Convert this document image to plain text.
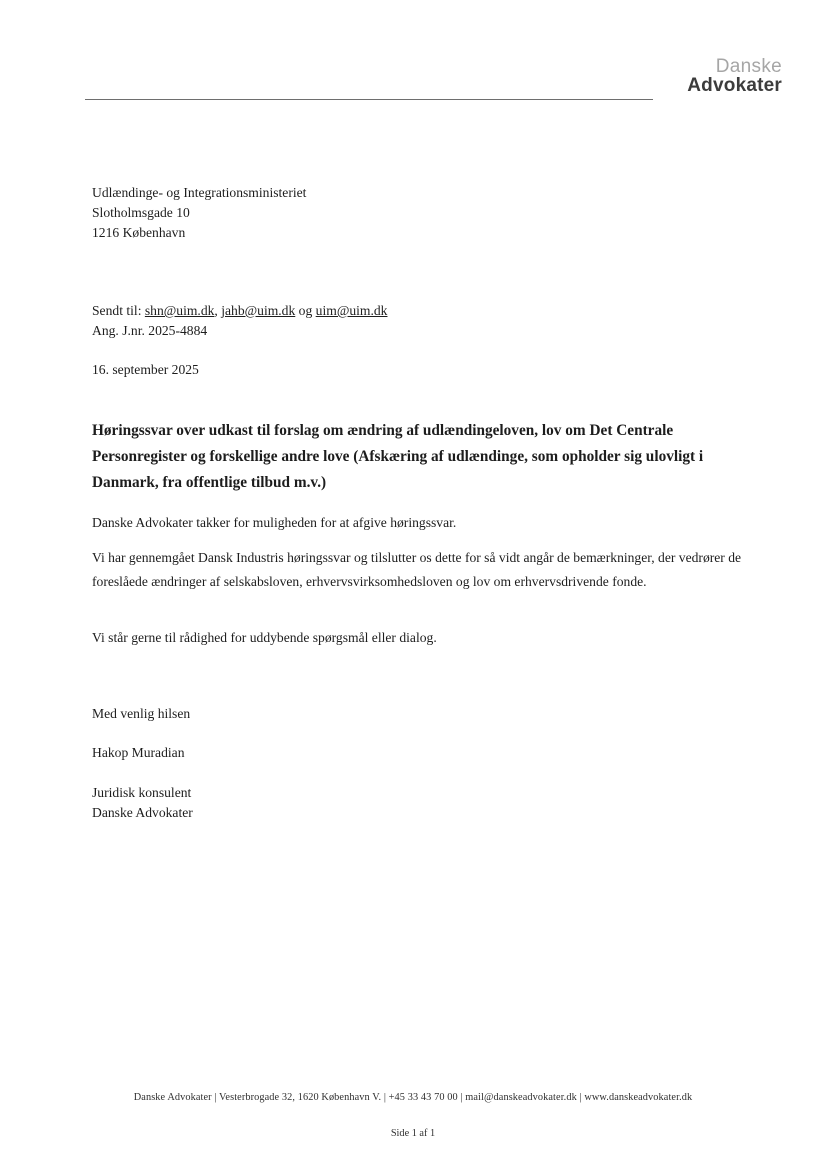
Danske
Advokater
Udlændinge- og Integrationsministeriet
Slotholmsgade 10
1216 København
Sendt til: shn@uim.dk, jahb@uim.dk og uim@uim.dk
Ang. J.nr. 2025-4884
16. september 2025
Høringssvar over udkast til forslag om ændring af udlændingeloven, lov om Det Centrale Personregister og forskellige andre love (Afskæring af udlændinge, som opholder sig ulovligt i Danmark, fra offentlige tilbud m.v.)
Danske Advokater takker for muligheden for at afgive høringssvar.
Vi har gennemgået Dansk Industris høringssvar og tilslutter os dette for så vidt angår de bemærkninger, der vedrører de foreslåede ændringer af selskabsloven, erhvervsvirksomhedsloven og lov om erhvervsdrivende fonde.
Vi står gerne til rådighed for uddybende spørgsmål eller dialog.
Med venlig hilsen
Hakop Muradian
Juridisk konsulent
Danske Advokater
Danske Advokater | Vesterbrogade 32, 1620 København V. | +45 33 43 70 00 | mail@danskeadvokater.dk | www.danskeadvokater.dk
Side 1 af 1
